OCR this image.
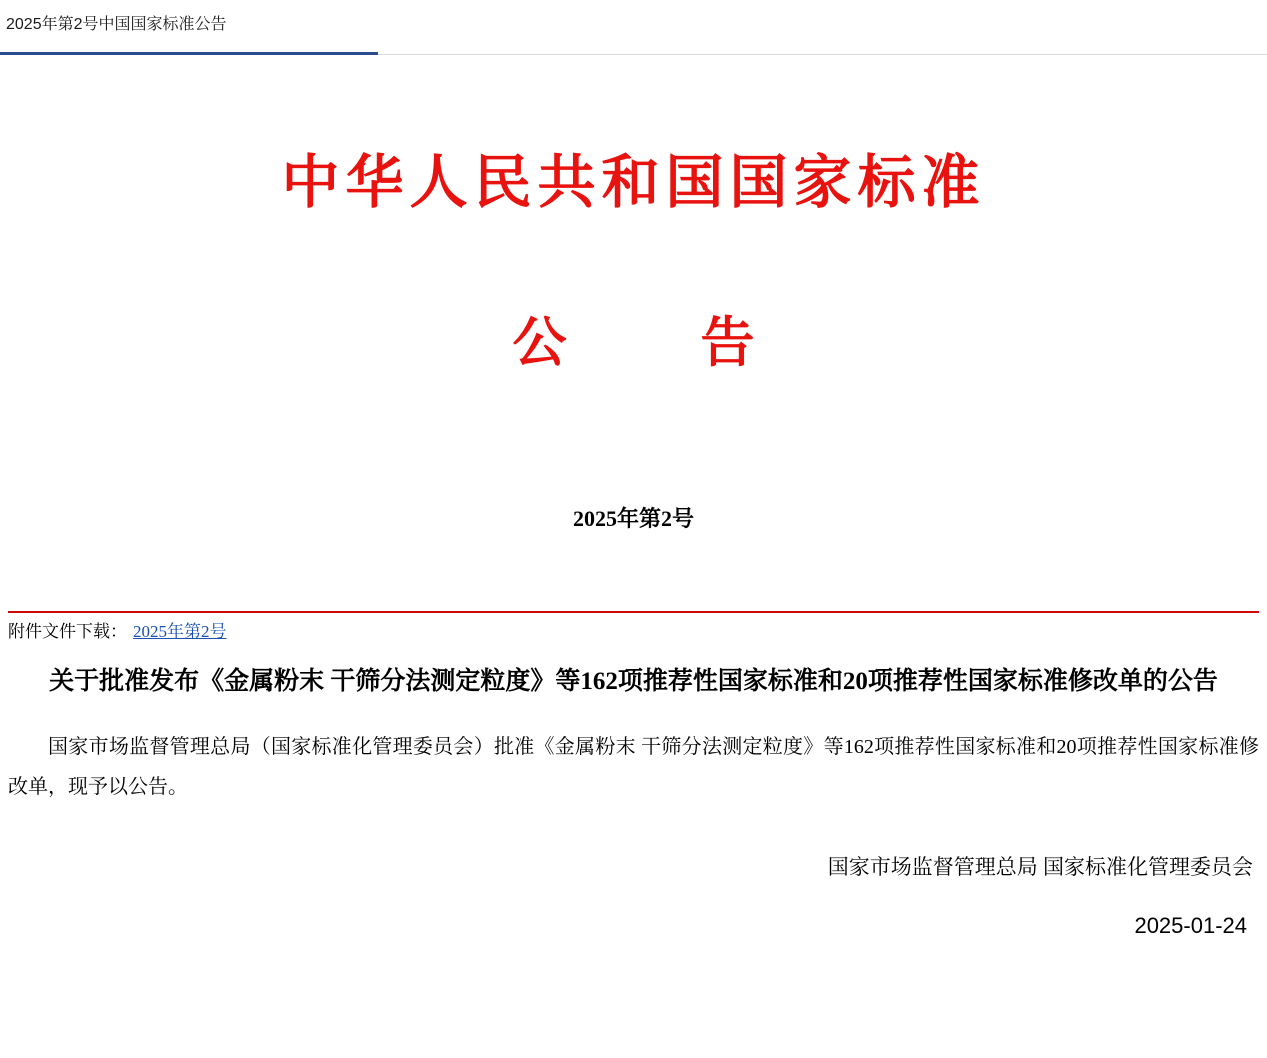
2025年第2号中国国家标准公告
中华人民共和国国家标准
公　告

2025年第2号

附件文件下载： 2025年第2号
关于批准发布《金属粉末 干筛分法测定粒度》等162项推荐性国家标准和20项推荐性国家标准修改单的公告

国家市场监督管理总局（国家标准化管理委员会）批准《金属粉末 干筛分法测定粒度》等162项推荐性国家标准和20项推荐性国家标准修改单，现予以公告。

国家市场监督管理总局 国家标准化管理委员会

2025-01-24
